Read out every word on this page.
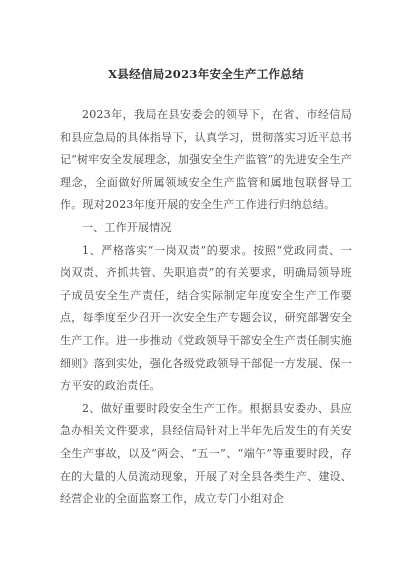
X县经信局2023年安全生产工作总结

2023年，我局在县安委会的领导下，在省、市经信局和县应急局的具体指导下，认真学习，贯彻落实习近平总书记“树牢安全发展理念，加强安全生产监管”的先进安全生产理念，全面做好所属领域安全生产监管和属地包联督导工作。现对2023年度开展的安全生产工作进行归纳总结。

一、工作开展情况

1、严格落实“一岗双责”的要求。按照“党政同责、一岗双责、齐抓共管、失职追责”的有关要求，明确局领导班子成员安全生产责任，结合实际制定年度安全生产工作要点，每季度至少召开一次安全生产专题会议，研究部署安全生产工作。进一步推动《党政领导干部安全生产责任制实施细则》落到实处，强化各级党政领导干部促一方发展、保一方平安的政治责任。

2、做好重要时段安全生产工作。根据县安委办、县应急办相关文件要求，县经信局针对上半年先后发生的有关安全生产事故，以及“两会、“五一”、“端午”等重要时段，存在的大量的人员流动现象，开展了对全县各类生产、建设、经营企业的全面监察工作，成立专门小组对企
